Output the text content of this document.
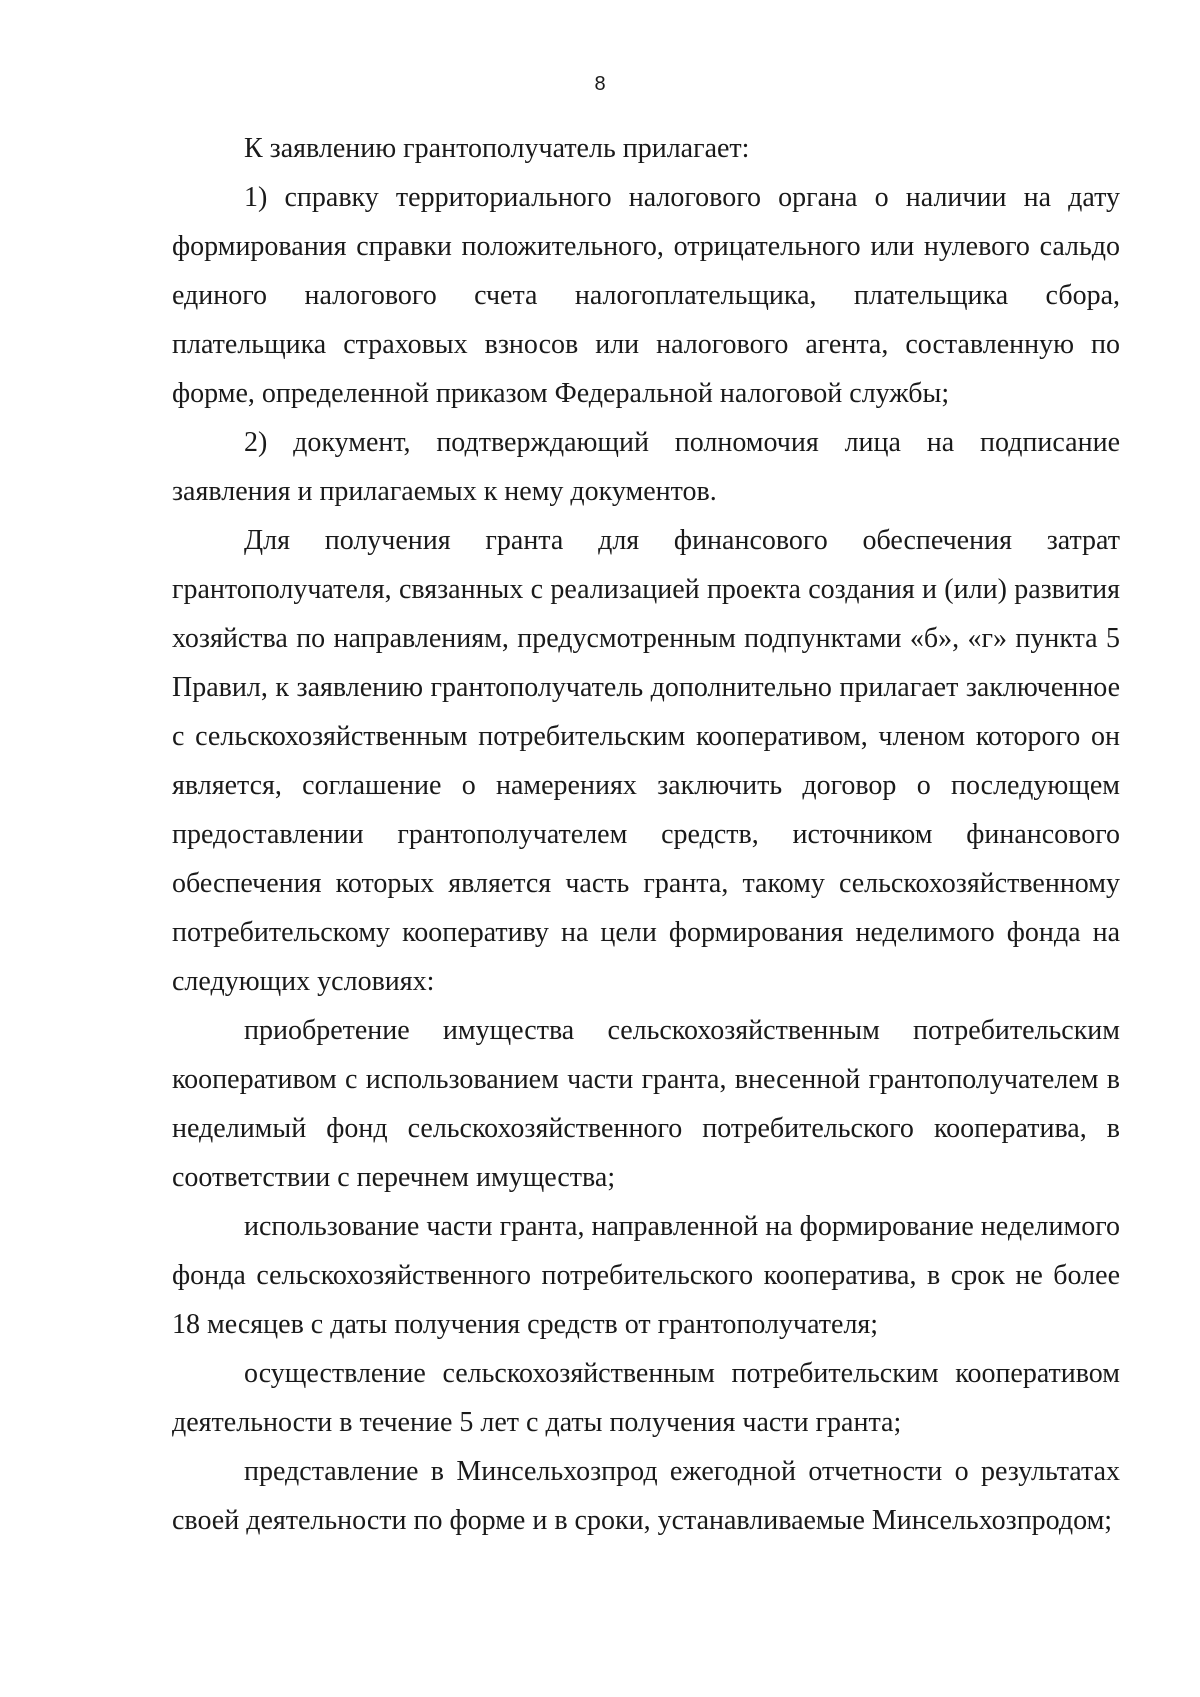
8

К заявлению грантополучатель прилагает:

1) справку территориального налогового органа о наличии на дату формирования справки положительного, отрицательного или нулевого сальдо единого налогового счета налогоплательщика, плательщика сбора, плательщика страховых взносов или налогового агента, составленную по форме, определенной приказом Федеральной налоговой службы;

2) документ, подтверждающий полномочия лица на подписание заявления и прилагаемых к нему документов.

Для получения гранта для финансового обеспечения затрат грантополучателя, связанных с реализацией проекта создания и (или) развития хозяйства по направлениям, предусмотренным подпунктами «б», «г» пункта 5 Правил, к заявлению грантополучатель дополнительно прилагает заключенное с сельскохозяйственным потребительским кооперативом, членом которого он является, соглашение о намерениях заключить договор о последующем предоставлении грантополучателем средств, источником финансового обеспечения которых является часть гранта, такому сельскохозяйственному потребительскому кооперативу на цели формирования неделимого фонда на следующих условиях:

приобретение имущества сельскохозяйственным потребительским кооперативом с использованием части гранта, внесенной грантополучателем в неделимый фонд сельскохозяйственного потребительского кооператива, в соответствии с перечнем имущества;

использование части гранта, направленной на формирование неделимого фонда сельскохозяйственного потребительского кооператива, в срок не более 18 месяцев с даты получения средств от грантополучателя;

осуществление сельскохозяйственным потребительским кооперативом деятельности в течение 5 лет с даты получения части гранта;

представление в Минсельхозпрод ежегодной отчетности о результатах своей деятельности по форме и в сроки, устанавливаемые Минсельхозпродом;
